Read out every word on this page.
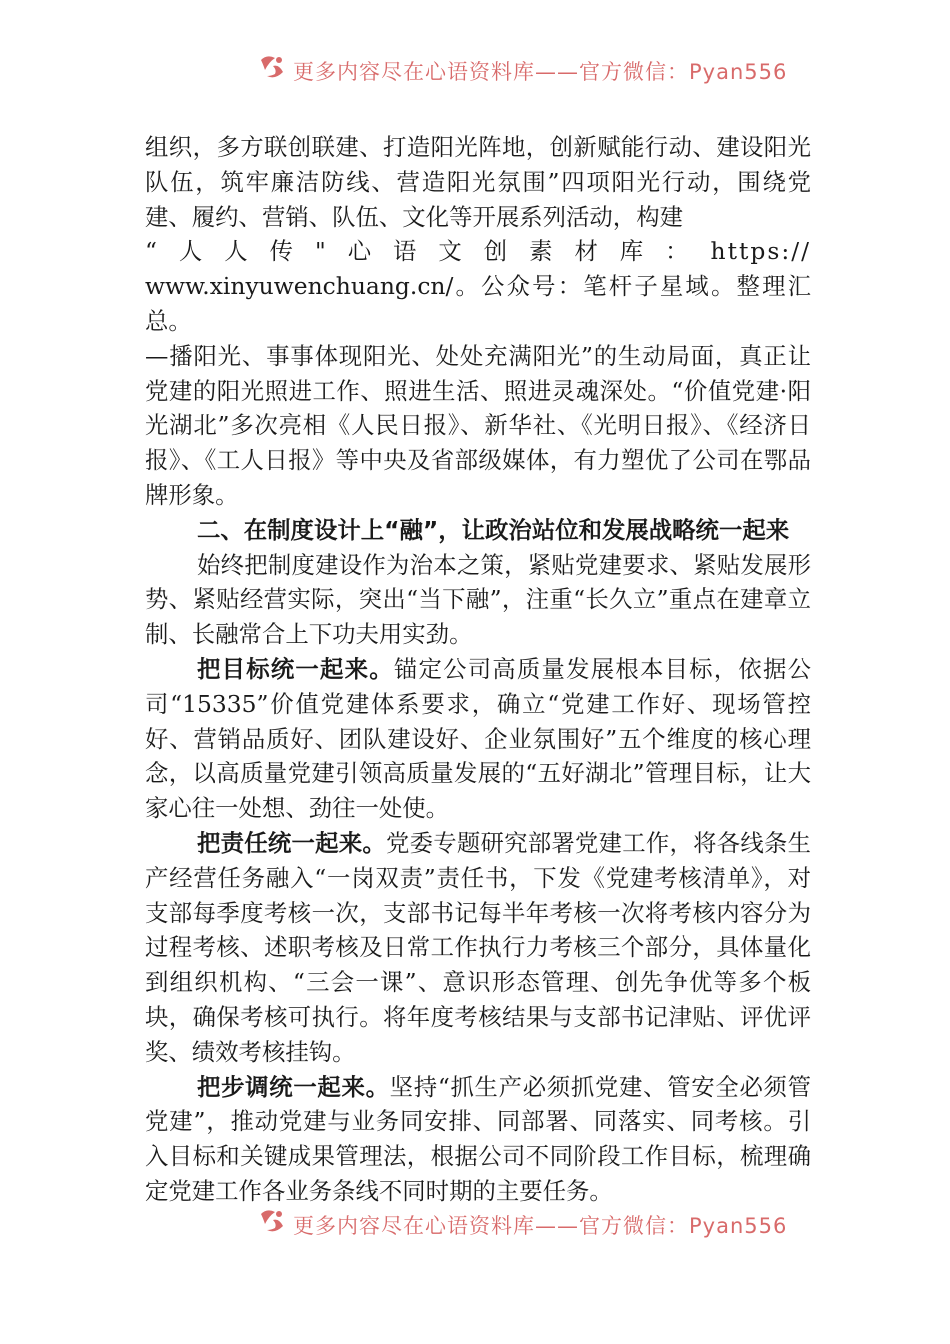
更多内容尽在心语资料库——官方微信：Pyan556

组织，多方联创联建、打造阳光阵地，创新赋能行动、建设阳光队伍，筑牢廉洁防线、营造阳光氛围”四项阳光行动，围绕党建、履约、营销、队伍、文化等开展系列活动，构建

“人人传"心语文创素材库：https://

www.xinyuwenchuang.cn/。公众号：笔杆子星域。整理汇总。

—播阳光、事事体现阳光、处处充满阳光”的生动局面，真正让党建的阳光照进工作、照进生活、照进灵魂深处。“价值党建·阳光湖北”多次亮相《人民日报》、新华社、《光明日报》、《经济日报》、《工人日报》等中央及省部级媒体，有力塑优了公司在鄂品牌形象。

二、在制度设计上“融”，让政治站位和发展战略统一起来

始终把制度建设作为治本之策，紧贴党建要求、紧贴发展形势、紧贴经营实际，突出“当下融”，注重“长久立”重点在建章立制、长融常合上下功夫用实劲。

把目标统一起来。锚定公司高质量发展根本目标，依据公司“15335”价值党建体系要求，确立“党建工作好、现场管控好、营销品质好、团队建设好、企业氛围好”五个维度的核心理念，以高质量党建引领高质量发展的“五好湖北”管理目标，让大家心往一处想、劲往一处使。

把责任统一起来。党委专题研究部署党建工作，将各线条生产经营任务融入“一岗双责”责任书，下发《党建考核清单》，对支部每季度考核一次，支部书记每半年考核一次将考核内容分为过程考核、述职考核及日常工作执行力考核三个部分，具体量化到组织机构、“三会一课”、意识形态管理、创先争优等多个板块，确保考核可执行。将年度考核结果与支部书记津贴、评优评奖、绩效考核挂钩。

把步调统一起来。坚持“抓生产必须抓党建、管安全必须管党建”，推动党建与业务同安排、同部署、同落实、同考核。引入目标和关键成果管理法，根据公司不同阶段工作目标，梳理确定党建工作各业务条线不同时期的主要任务。

更多内容尽在心语资料库——官方微信：Pyan556
